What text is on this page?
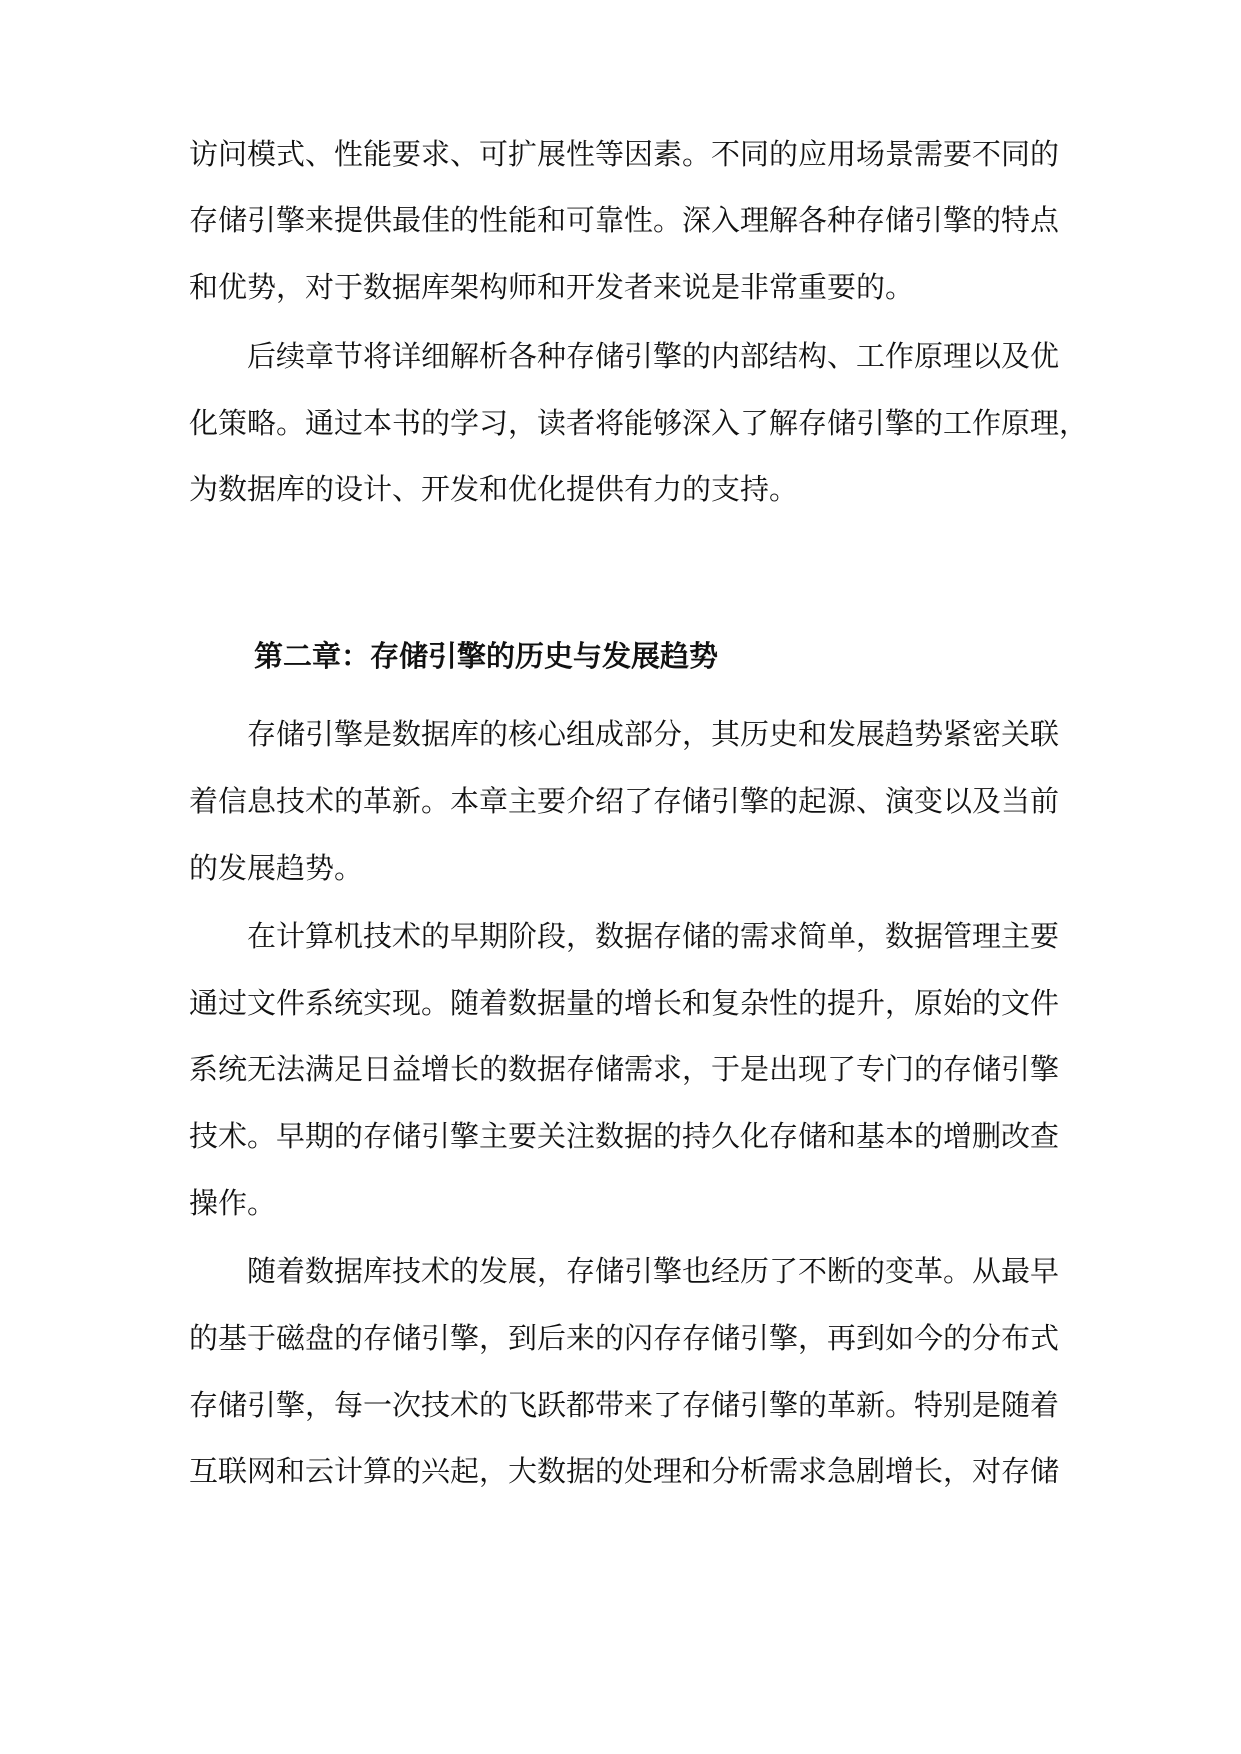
访问模式、性能要求、可扩展性等因素。不同的应用场景需要不同的
存储引擎来提供最佳的性能和可靠性。深入理解各种存储引擎的特点
和优势，对于数据库架构师和开发者来说是非常重要的。
后续章节将详细解析各种存储引擎的内部结构、工作原理以及优
化策略。通过本书的学习，读者将能够深入了解存储引擎的工作原理，
为数据库的设计、开发和优化提供有力的支持。
第二章：存储引擎的历史与发展趋势
存储引擎是数据库的核心组成部分，其历史和发展趋势紧密关联
着信息技术的革新。本章主要介绍了存储引擎的起源、演变以及当前
的发展趋势。
在计算机技术的早期阶段，数据存储的需求简单，数据管理主要
通过文件系统实现。随着数据量的增长和复杂性的提升，原始的文件
系统无法满足日益增长的数据存储需求，于是出现了专门的存储引擎
技术。早期的存储引擎主要关注数据的持久化存储和基本的增删改查
操作。
随着数据库技术的发展，存储引擎也经历了不断的变革。从最早
的基于磁盘的存储引擎，到后来的闪存存储引擎，再到如今的分布式
存储引擎，每一次技术的飞跃都带来了存储引擎的革新。特别是随着
互联网和云计算的兴起，大数据的处理和分析需求急剧增长，对存储
